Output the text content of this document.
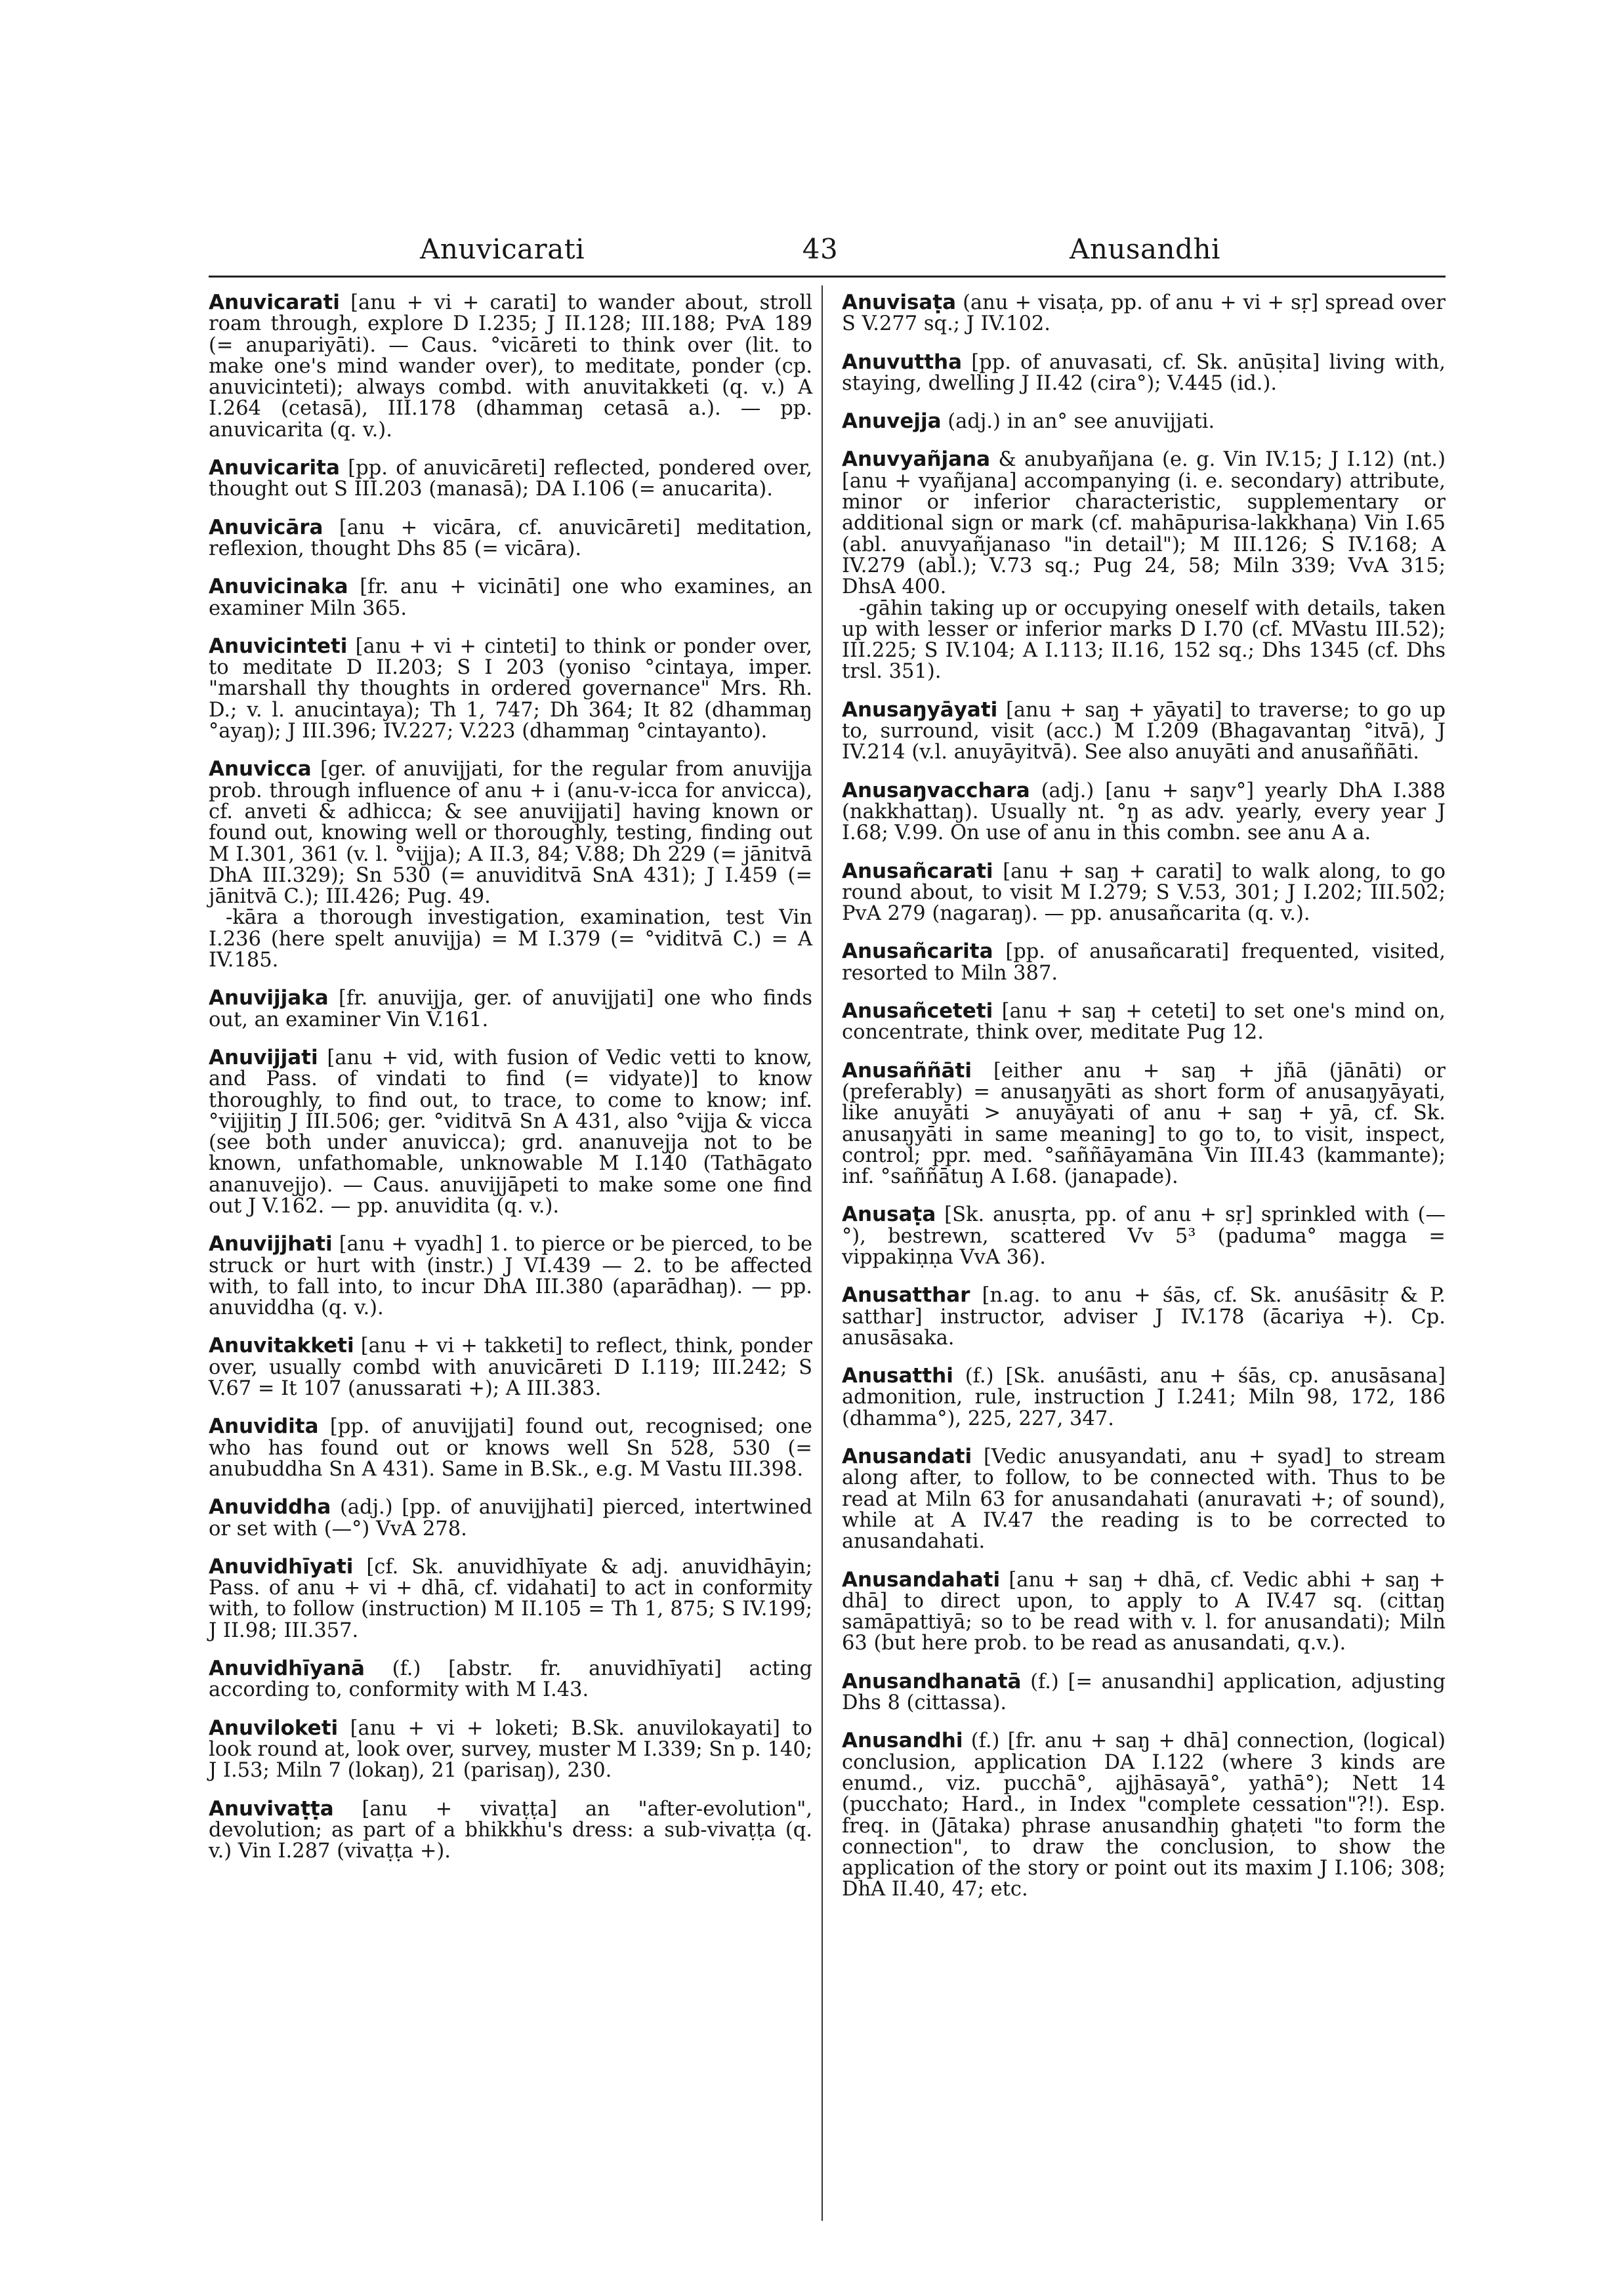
Anuvicarati	43	Anusandhi
Anuvicarati [anu + vi + carati] to wander about, stroll roam through, explore D I.235; J II.128; III.188; PvA 189 (= anupariyāti). — Caus. °vicāreti to think over (lit. to make one's mind wander over), to meditate, ponder (cp. anuvicinteti); always combd. with anuvitakketi (q. v.) A I.264 (cetasā), III.178 (dhammaŋ cetasā a.). — pp. anuvicarita (q. v.).
Anuvicarita [pp. of anuvicāreti] reflected, pondered over, thought out S III.203 (manasā); DA I.106 (= anucarita).
Anuvicāra [anu + vicāra, cf. anuvicāreti] meditation, reflexion, thought Dhs 85 (= vicāra).
Anuvicinaka [fr. anu + vicināti] one who examines, an examiner Miln 365.
Anuvicinteti [anu + vi + cinteti] to think or ponder over, to meditate D II.203; S I 203 (yoniso °cintaya, imper. "marshall thy thoughts in ordered governance" Mrs. Rh. D.; v. l. anucintaya); Th 1, 747; Dh 364; It 82 (dhammaŋ °ayaŋ); J III.396; IV.227; V.223 (dhammaŋ °cintayanto).
Anuvicca [ger. of anuvijjati, for the regular from anuvijja prob. through influence of anu + i (anu-v-icca for anvicca), cf. anveti & adhicca; & see anuvijjati] having known or found out, knowing well or thoroughly, testing, finding out M I.301, 361 (v. l. °vijja); A II.3, 84; V.88; Dh 229 (= jānitvā DhA III.329); Sn 530 (= anuviditvā SnA 431); J I.459 (= jānitvā C.); III.426; Pug. 49.
-kāra a thorough investigation, examination, test Vin I.236 (here spelt anuvijja) = M I.379 (= °viditvā C.) = A IV.185.
Anuvijjaka [fr. anuvijja, ger. of anuvijjati] one who finds out, an examiner Vin V.161.
Anuvijjati [anu + vid, with fusion of Vedic vetti to know, and Pass. of vindati to find (= vidyate)] to know thoroughly, to find out, to trace, to come to know; inf. °vijjitiŋ J III.506; ger. °viditvā Sn A 431, also °vijja & vicca (see both under anuvicca); grd. ananuvejja not to be known, unfathomable, unknowable M I.140 (Tathāgato ananuvejjo). — Caus. anuvijjāpeti to make some one find out J V.162. — pp. anuvidita (q. v.).
Anuvijjhati [anu + vyadh] 1. to pierce or be pierced, to be struck or hurt with (instr.) J VI.439 — 2. to be affected with, to fall into, to incur DhA III.380 (aparādhaŋ). — pp. anuviddha (q. v.).
Anuvitakketi [anu + vi + takketi] to reflect, think, ponder over, usually combd with anuvicāreti D I.119; III.242; S V.67 = It 107 (anussarati +); A III.383.
Anuvidita [pp. of anuvijjati] found out, recognised; one who has found out or knows well Sn 528, 530 (= anubuddha Sn A 431). Same in B.Sk., e.g. M Vastu III.398.
Anuviddha (adj.) [pp. of anuvijjhati] pierced, intertwined or set with (—°) VvA 278.
Anuvidhīyati [cf. Sk. anuvidhīyate & adj. anuvidhāyin; Pass. of anu + vi + dhā, cf. vidahati] to act in conformity with, to follow (instruction) M II.105 = Th 1, 875; S IV.199; J II.98; III.357.
Anuvidhīyanā (f.) [abstr. fr. anuvidhīyati] acting according to, conformity with M I.43.
Anuviloketi [anu + vi + loketi; B.Sk. anuvilokayati] to look round at, look over, survey, muster M I.339; Sn p. 140; J I.53; Miln 7 (lokaŋ), 21 (parisaŋ), 230.
Anuvivaṭṭa [anu + vivaṭṭa] an "after-evolution", devolution; as part of a bhikkhu's dress: a sub-vivaṭṭa (q. v.) Vin I.287 (vivaṭṭa +).
Anuvisaṭa (anu + visaṭa, pp. of anu + vi + sṛ] spread over S V.277 sq.; J IV.102.
Anuvuttha [pp. of anuvasati, cf. Sk. anūṣita] living with, staying, dwelling J II.42 (cira°); V.445 (id.).
Anuvejja (adj.) in an° see anuvijjati.
Anuvyañjana & anubyañjana (e. g. Vin IV.15; J I.12) (nt.) [anu + vyañjana] accompanying (i. e. secondary) attribute, minor or inferior characteristic, supplementary or additional sign or mark (cf. mahāpurisa-lakkhaṇa) Vin I.65 (abl. anuvyañjanaso "in detail"); M III.126; S IV.168; A IV.279 (abl.); V.73 sq.; Pug 24, 58; Miln 339; VvA 315; DhsA 400.
-gāhin taking up or occupying oneself with details, taken up with lesser or inferior marks D I.70 (cf. MVastu III.52); III.225; S IV.104; A I.113; II.16, 152 sq.; Dhs 1345 (cf. Dhs trsl. 351).
Anusaŋyāyati [anu + saŋ + yāyati] to traverse; to go up to, surround, visit (acc.) M I.209 (Bhagavantaŋ °itvā), J IV.214 (v.l. anuyāyitvā). See also anuyāti and anusaññāti.
Anusaŋvacchara (adj.) [anu + saŋv°] yearly DhA I.388 (nakkhattaŋ). Usually nt. °ŋ as adv. yearly, every year J I.68; V.99. On use of anu in this combn. see anu A a.
Anusañcarati [anu + saŋ + carati] to walk along, to go round about, to visit M I.279; S V.53, 301; J I.202; III.502; PvA 279 (nagaraŋ). — pp. anusañcarita (q. v.).
Anusañcarita [pp. of anusañcarati] frequented, visited, resorted to Miln 387.
Anusañceteti [anu + saŋ + ceteti] to set one's mind on, concentrate, think over, meditate Pug 12.
Anusaññāti [either anu + saŋ + jñā (jānāti) or (preferably) = anusaŋyāti as short form of anusaŋyāyati, like anuyāti > anuyāyati of anu + saŋ + yā, cf. Sk. anusaŋyāti in same meaning] to go to, to visit, inspect, control; ppr. med. °saññāyamāna Vin III.43 (kammante); inf. °saññātuŋ A I.68. (janapade).
Anusaṭa [Sk. anusṛta, pp. of anu + sṛ] sprinkled with (—°), bestrewn, scattered Vv 5³ (paduma° magga = vippakiṇṇa VvA 36).
Anusatthar [n.ag. to anu + śās, cf. Sk. anuśāsitṛ & P. satthar] instructor, adviser J IV.178 (ācariya +). Cp. anusāsaka.
Anusatthi (f.) [Sk. anuśāsti, anu + śās, cp. anusāsana] admonition, rule, instruction J I.241; Miln 98, 172, 186 (dhamma°), 225, 227, 347.
Anusandati [Vedic anusyandati, anu + syad] to stream along after, to follow, to be connected with. Thus to be read at Miln 63 for anusandahati (anuravati +; of sound), while at A IV.47 the reading is to be corrected to anusandahati.
Anusandahati [anu + saŋ + dhā, cf. Vedic abhi + saŋ + dhā] to direct upon, to apply to A IV.47 sq. (cittaŋ samāpattiyā; so to be read with v. l. for anusandati); Miln 63 (but here prob. to be read as anusandati, q.v.).
Anusandhanatā (f.) [= anusandhi] application, adjusting Dhs 8 (cittassa).
Anusandhi (f.) [fr. anu + saŋ + dhā] connection, (logical) conclusion, application DA I.122 (where 3 kinds are enumd., viz. pucchā°, ajjhāsayā°, yathā°); Nett 14 (pucchato; Hard., in Index "complete cessation"?!). Esp. freq. in (Jātaka) phrase anusandhiŋ ghaṭeti "to form the connection", to draw the conclusion, to show the application of the story or point out its maxim J I.106; 308; DhA II.40, 47; etc.
